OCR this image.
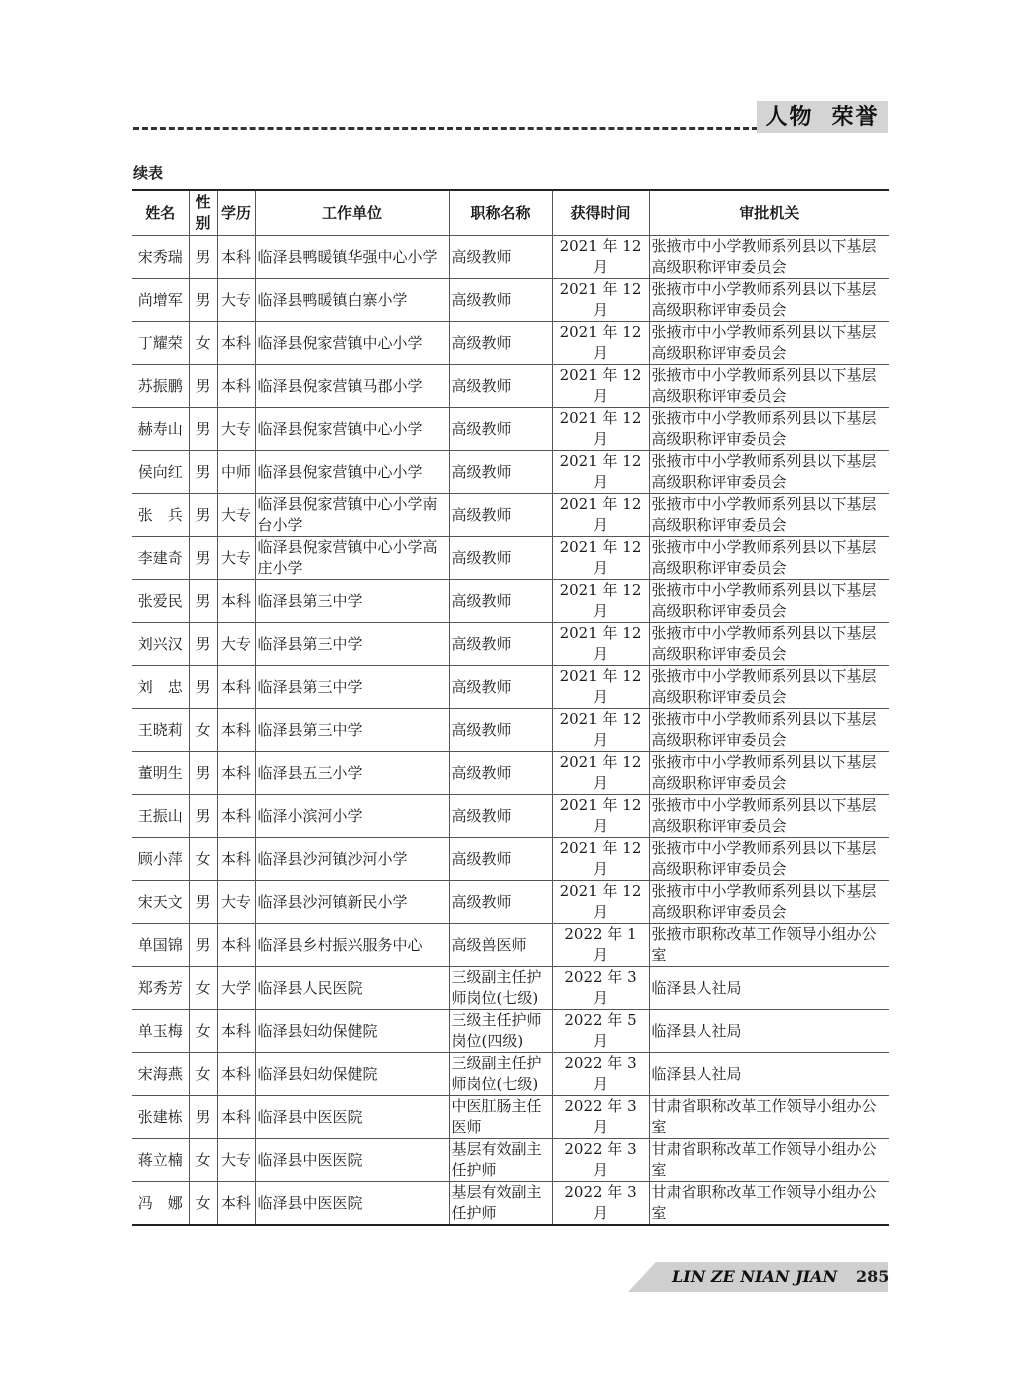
人物 荣誉
续表
姓名	性别	学历	工作单位	职称名称	获得时间	审批机关
宋秀瑞	男	本科	临泽县鸭暖镇华强中心小学	高级教师	2021 年 12 月	张掖市中小学教师系列县以下基层高级职称评审委员会
尚增军	男	大专	临泽县鸭暖镇白寨小学	高级教师	2021 年 12 月	张掖市中小学教师系列县以下基层高级职称评审委员会
丁耀荣	女	本科	临泽县倪家营镇中心小学	高级教师	2021 年 12 月	张掖市中小学教师系列县以下基层高级职称评审委员会
苏振鹏	男	本科	临泽县倪家营镇马郡小学	高级教师	2021 年 12 月	张掖市中小学教师系列县以下基层高级职称评审委员会
赫寿山	男	大专	临泽县倪家营镇中心小学	高级教师	2021 年 12 月	张掖市中小学教师系列县以下基层高级职称评审委员会
侯向红	男	中师	临泽县倪家营镇中心小学	高级教师	2021 年 12 月	张掖市中小学教师系列县以下基层高级职称评审委员会
张　兵	男	大专	临泽县倪家营镇中心小学南台小学	高级教师	2021 年 12 月	张掖市中小学教师系列县以下基层高级职称评审委员会
李建奇	男	大专	临泽县倪家营镇中心小学高庄小学	高级教师	2021 年 12 月	张掖市中小学教师系列县以下基层高级职称评审委员会
张爱民	男	本科	临泽县第三中学	高级教师	2021 年 12 月	张掖市中小学教师系列县以下基层高级职称评审委员会
刘兴汉	男	大专	临泽县第三中学	高级教师	2021 年 12 月	张掖市中小学教师系列县以下基层高级职称评审委员会
刘　忠	男	本科	临泽县第三中学	高级教师	2021 年 12 月	张掖市中小学教师系列县以下基层高级职称评审委员会
王晓莉	女	本科	临泽县第三中学	高级教师	2021 年 12 月	张掖市中小学教师系列县以下基层高级职称评审委员会
董明生	男	本科	临泽县五三小学	高级教师	2021 年 12 月	张掖市中小学教师系列县以下基层高级职称评审委员会
王振山	男	本科	临泽小滨河小学	高级教师	2021 年 12 月	张掖市中小学教师系列县以下基层高级职称评审委员会
顾小萍	女	本科	临泽县沙河镇沙河小学	高级教师	2021 年 12 月	张掖市中小学教师系列县以下基层高级职称评审委员会
宋天文	男	大专	临泽县沙河镇新民小学	高级教师	2021 年 12 月	张掖市中小学教师系列县以下基层高级职称评审委员会
单国锦	男	本科	临泽县乡村振兴服务中心	高级兽医师	2022 年 1 月	张掖市职称改革工作领导小组办公室
郑秀芳	女	大学	临泽县人民医院	三级副主任护师岗位(七级)	2022 年 3 月	临泽县人社局
单玉梅	女	本科	临泽县妇幼保健院	三级主任护师岗位(四级)	2022 年 5 月	临泽县人社局
宋海燕	女	本科	临泽县妇幼保健院	三级副主任护师岗位(七级)	2022 年 3 月	临泽县人社局
张建栋	男	本科	临泽县中医医院	中医肛肠主任医师	2022 年 3 月	甘肃省职称改革工作领导小组办公室
蒋立楠	女	大专	临泽县中医医院	基层有效副主任护师	2022 年 3 月	甘肃省职称改革工作领导小组办公室
冯　娜	女	本科	临泽县中医医院	基层有效副主任护师	2022 年 3 月	甘肃省职称改革工作领导小组办公室
LIN ZE NIAN JIAN 285
